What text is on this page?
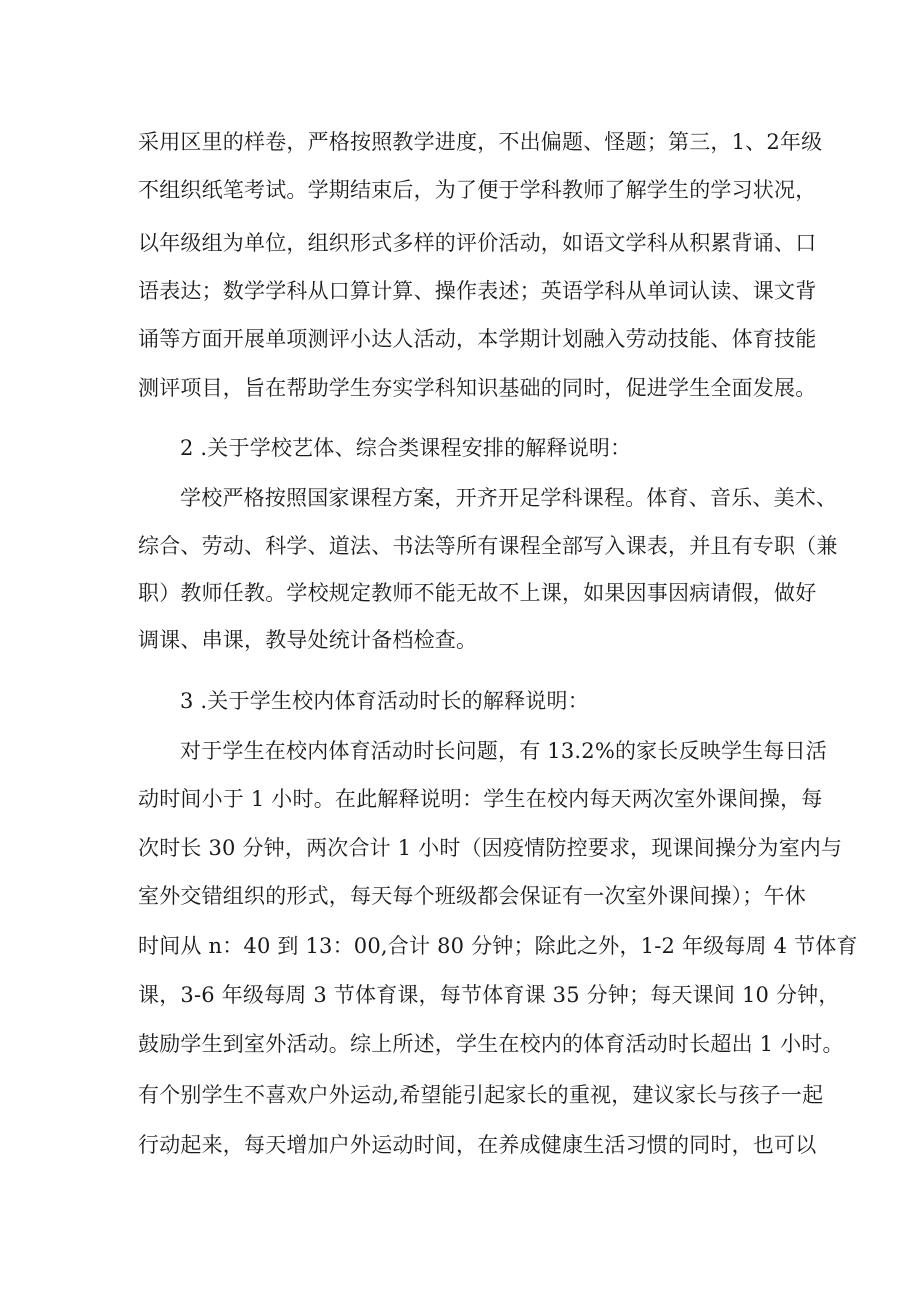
采用区里的样卷，严格按照教学进度，不出偏题、怪题；第三，1、2年级
不组织纸笔考试。学期结束后，为了便于学科教师了解学生的学习状况，
以年级组为单位，组织形式多样的评价活动，如语文学科从积累背诵、口
语表达；数学学科从口算计算、操作表述；英语学科从单词认读、课文背
诵等方面开展单项测评小达人活动，本学期计划融入劳动技能、体育技能
测评项目，旨在帮助学生夯实学科知识基础的同时，促进学生全面发展。
2 .关于学校艺体、综合类课程安排的解释说明：
学校严格按照国家课程方案，开齐开足学科课程。体育、音乐、美术、
综合、劳动、科学、道法、书法等所有课程全部写入课表，并且有专职（兼
职）教师任教。学校规定教师不能无故不上课，如果因事因病请假，做好
调课、串课，教导处统计备档检查。
3 .关于学生校内体育活动时长的解释说明：
对于学生在校内体育活动时长问题，有 13.2%的家长反映学生每日活
动时间小于 1 小时。在此解释说明：学生在校内每天两次室外课间操，每
次时长 30 分钟，两次合计 1 小时（因疫情防控要求，现课间操分为室内与
室外交错组织的形式，每天每个班级都会保证有一次室外课间操）；午休
时间从 n：40 到 13：00,合计 80 分钟；除此之外，1-2 年级每周 4 节体育
课，3-6 年级每周 3 节体育课，每节体育课 35 分钟；每天课间 10 分钟，
鼓励学生到室外活动。综上所述，学生在校内的体育活动时长超出 1 小时。
有个别学生不喜欢户外运动,希望能引起家长的重视，建议家长与孩子一起
行动起来，每天增加户外运动时间，在养成健康生活习惯的同时，也可以
